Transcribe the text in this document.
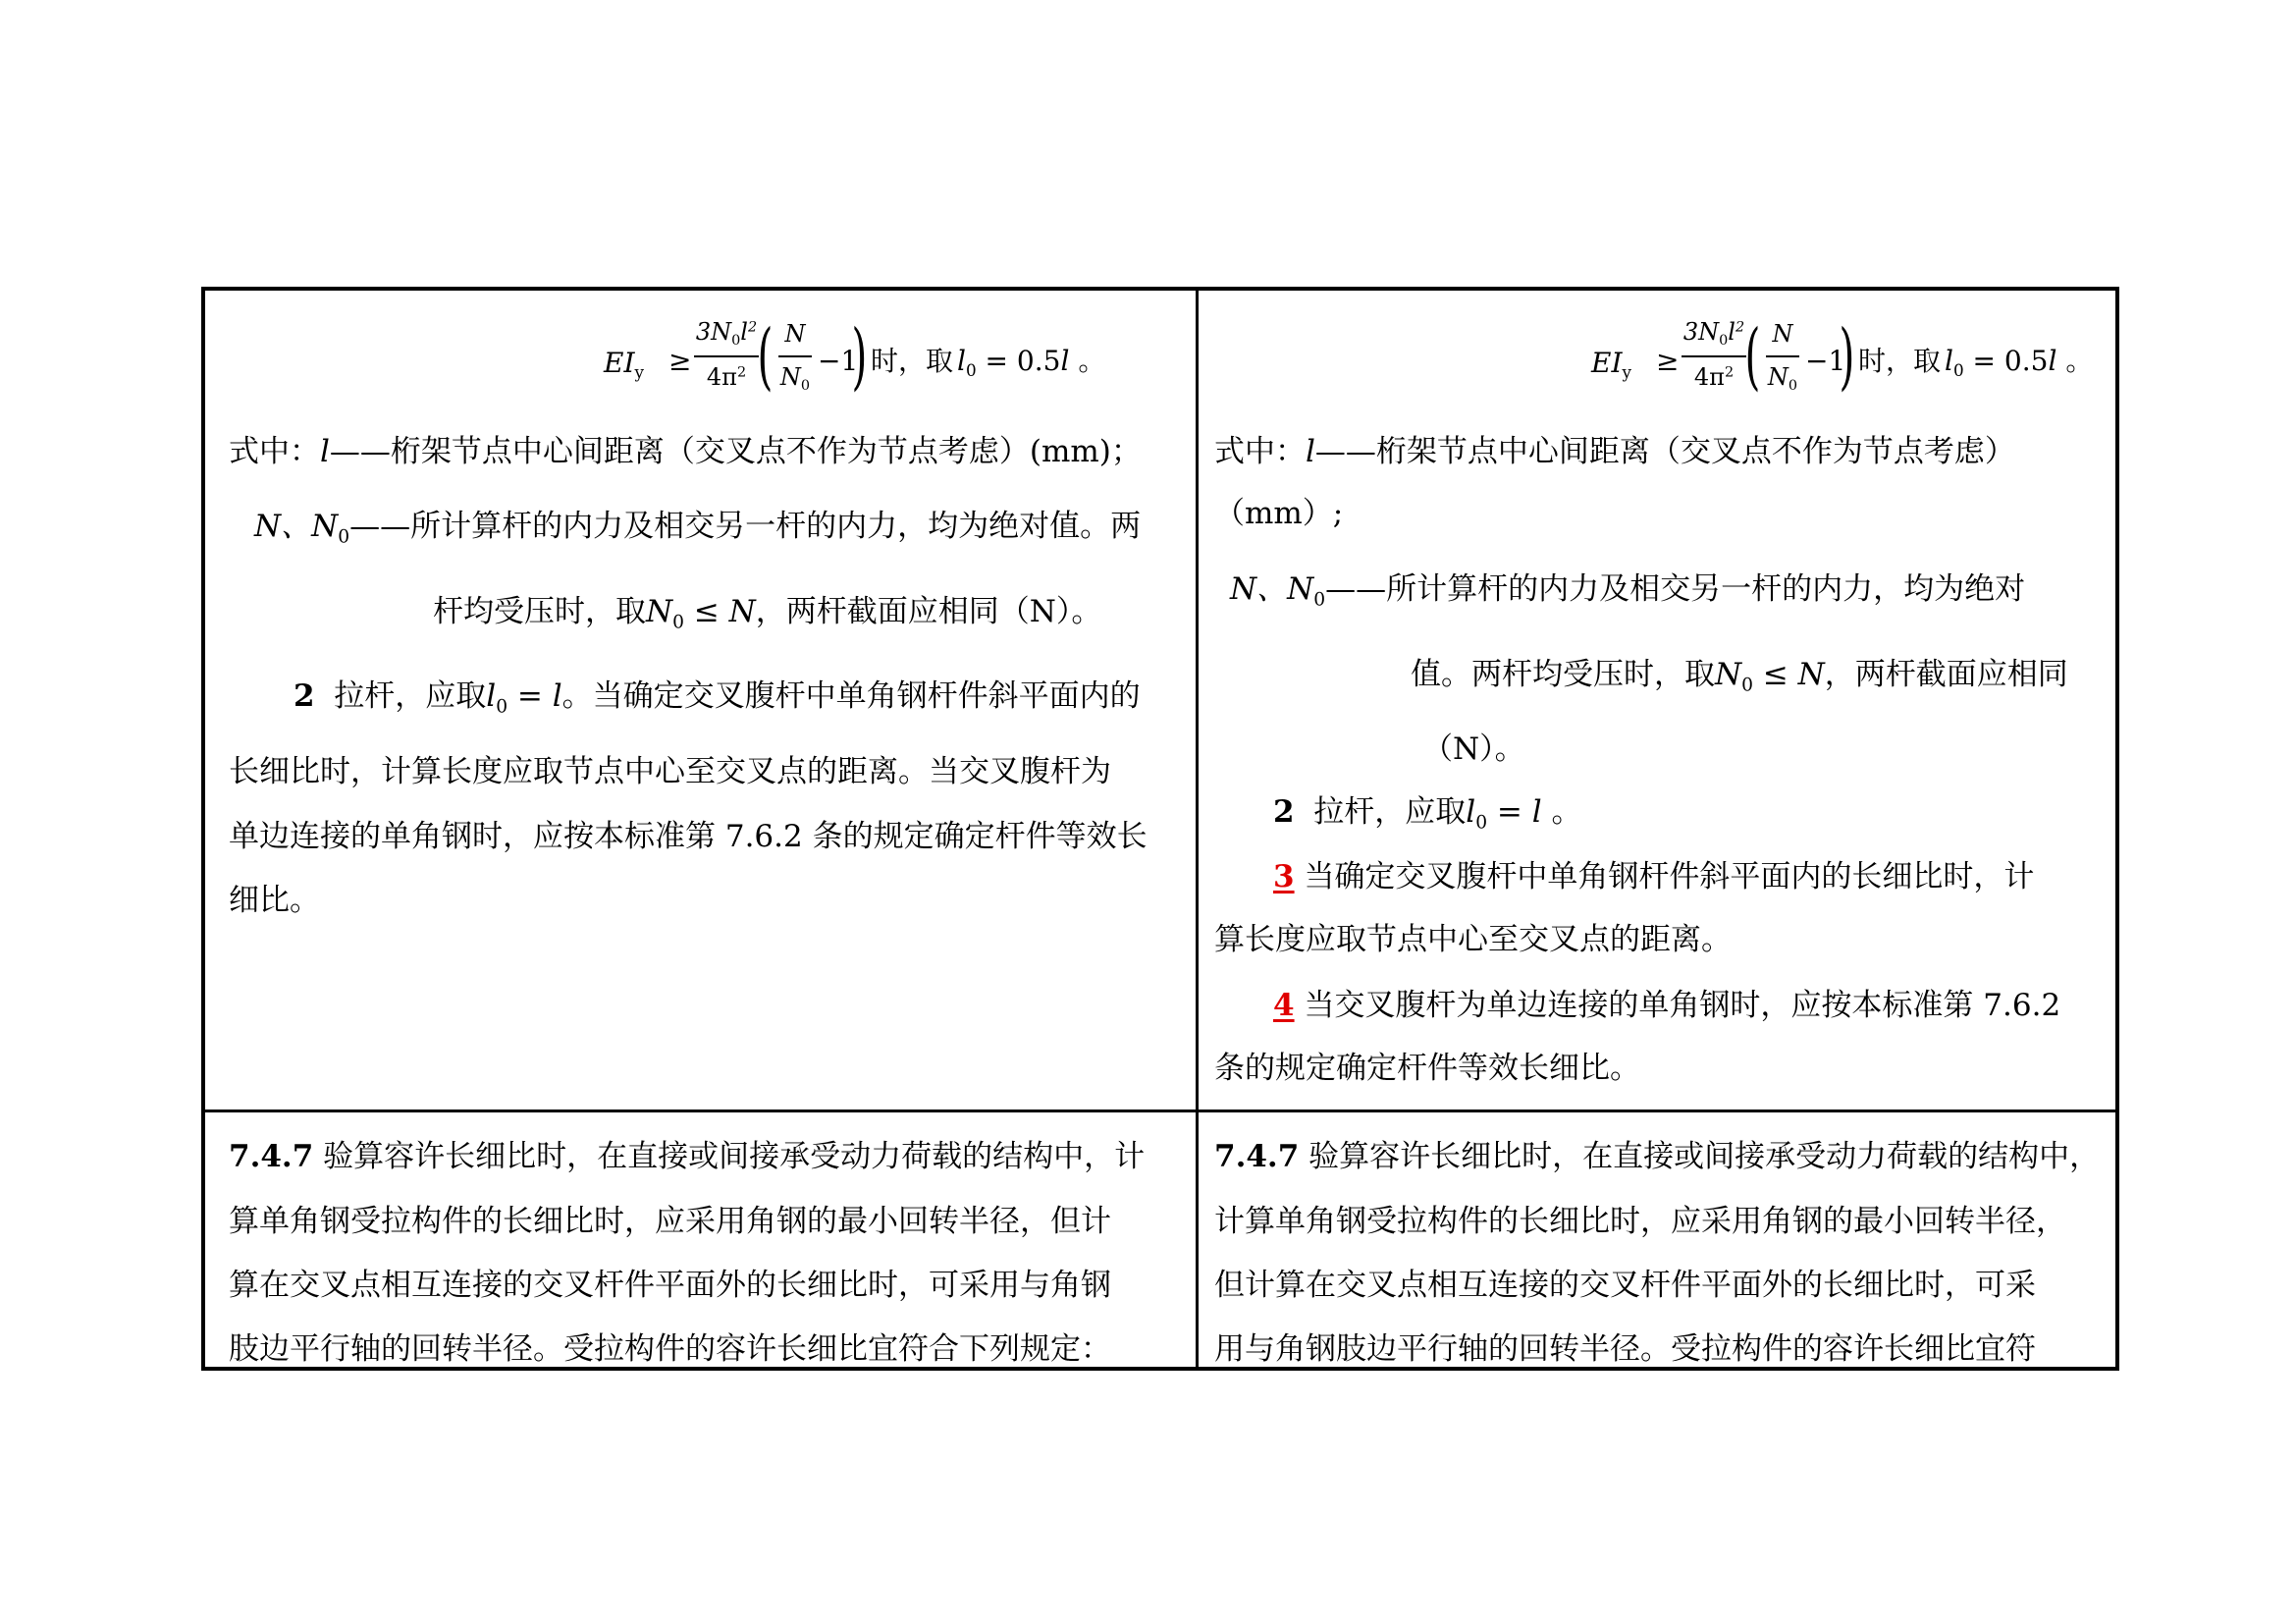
$EI_y$ ≥
$3N_0l^2$
$4\pi^2$ ( N
$N_0$
−1
) 时，取 $l_0 = 0.5l$ 。
式中：l——桁架节点中心间距离（交叉点不作为节点考虑）(mm)；
N、$N_0——$所计算杆的内力及相交另一杆的内力，均为绝对值。两
杆均受压时，取$N_0 \le N$，两杆截面应相同（N）。
2 拉杆，应取$l_0 = l$。当确定交叉腹杆中单角钢杆件斜平面内的
长细比时，计算长度应取节点中心至交叉点的距离。当交叉腹杆为
单边连接的单角钢时，应按本标准第 7.6.2 条的规定确定杆件等效长
细比。
$EI_y$ ≥
$3N_0l^2$
$4\pi^2$ ( N
$N_0$
−1
) 时，取 $l_0 = 0.5l$ 。
式中：l——桁架节点中心间距离（交叉点不作为节点考虑）
（mm）;
N、$N_0——$所计算杆的内力及相交另一杆的内力，均为绝对
值。两杆均受压时，取$N_0 \le N$，两杆截面应相同
（N）。
2 拉杆，应取$l_0 = l$ 。
3 当确定交叉腹杆中单角钢杆件斜平面内的长细比时，计
算长度应取节点中心至交叉点的距离。
4 当交叉腹杆为单边连接的单角钢时，应按本标准第 7.6.2
条的规定确定杆件等效长细比。
7.4.7 验算容许长细比时，在直接或间接承受动力荷载的结构中，计
算单角钢受拉构件的长细比时，应采用角钢的最小回转半径，但计
算在交叉点相互连接的交叉杆件平面外的长细比时，可采用与角钢
肢边平行轴的回转半径。受拉构件的容许长细比宜符合下列规定：
7.4.7 验算容许长细比时，在直接或间接承受动力荷载的结构中，
计算单角钢受拉构件的长细比时，应采用角钢的最小回转半径，
但计算在交叉点相互连接的交叉杆件平面外的长细比时，可采
用与角钢肢边平行轴的回转半径。受拉构件的容许长细比宜符
